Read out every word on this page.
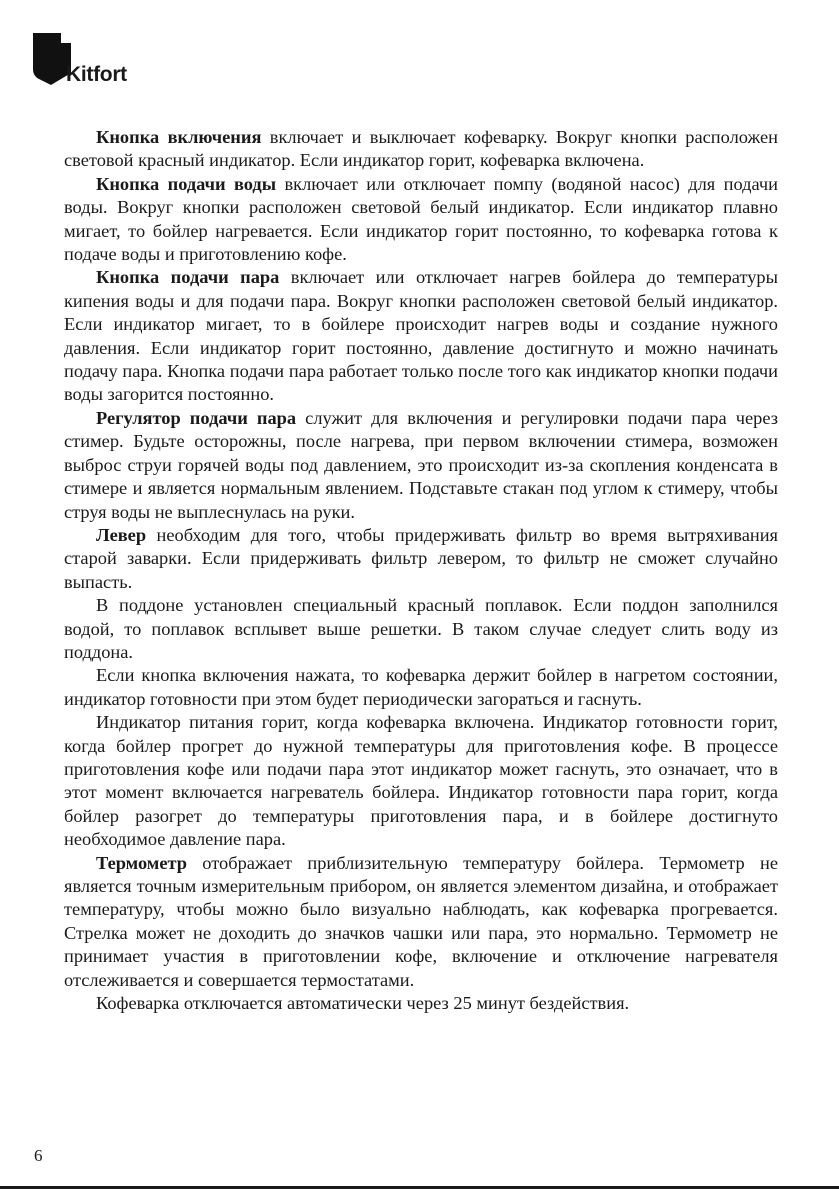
Kitfort

Кнопка включения включает и выключает кофеварку. Вокруг кнопки расположен световой красный индикатор. Если индикатор горит, кофеварка включена.

Кнопка подачи воды включает или отключает помпу (водяной насос) для подачи воды. Вокруг кнопки расположен световой белый индикатор. Если индикатор плавно мигает, то бойлер нагревается. Если индикатор горит постоянно, то кофеварка готова к подаче воды и приготовлению кофе.

Кнопка подачи пара включает или отключает нагрев бойлера до температуры кипения воды и для подачи пара. Вокруг кнопки расположен световой белый индикатор. Если индикатор мигает, то в бойлере происходит нагрев воды и создание нужного давления. Если индикатор горит постоянно, давление достигнуто и можно начинать подачу пара. Кнопка подачи пара работает только после того как индикатор кнопки подачи воды загорится постоянно.

Регулятор подачи пара служит для включения и регулировки подачи пара через стимер. Будьте осторожны, после нагрева, при первом включении стимера, возможен выброс струи горячей воды под давлением, это происходит из-за скопления конденсата в стимере и является нормальным явлением. Подставьте стакан под углом к стимеру, чтобы струя воды не выплеснулась на руки.

Левер необходим для того, чтобы придерживать фильтр во время вытряхивания старой заварки. Если придерживать фильтр левером, то фильтр не сможет случайно выпасть.

В поддоне установлен специальный красный поплавок. Если поддон заполнился водой, то поплавок всплывет выше решетки. В таком случае следует слить воду из поддона.

Если кнопка включения нажата, то кофеварка держит бойлер в нагретом состоянии, индикатор готовности при этом будет периодически загораться и гаснуть.

Индикатор питания горит, когда кофеварка включена. Индикатор готовности горит, когда бойлер прогрет до нужной температуры для приготовления кофе. В процессе приготовления кофе или подачи пара этот индикатор может гаснуть, это означает, что в этот момент включается нагреватель бойлера. Индикатор готовности пара горит, когда бойлер разогрет до температуры приготовления пара, и в бойлере достигнуто необходимое давление пара.

Термометр отображает приблизительную температуру бойлера. Термометр не является точным измерительным прибором, он является элементом дизайна, и отображает температуру, чтобы можно было визуально наблюдать, как кофеварка прогревается. Стрелка может не доходить до значков чашки или пара, это нормально. Термометр не принимает участия в приготовлении кофе, включение и отключение нагревателя отслеживается и совершается термостатами.

Кофеварка отключается автоматически через 25 минут бездействия.

6
